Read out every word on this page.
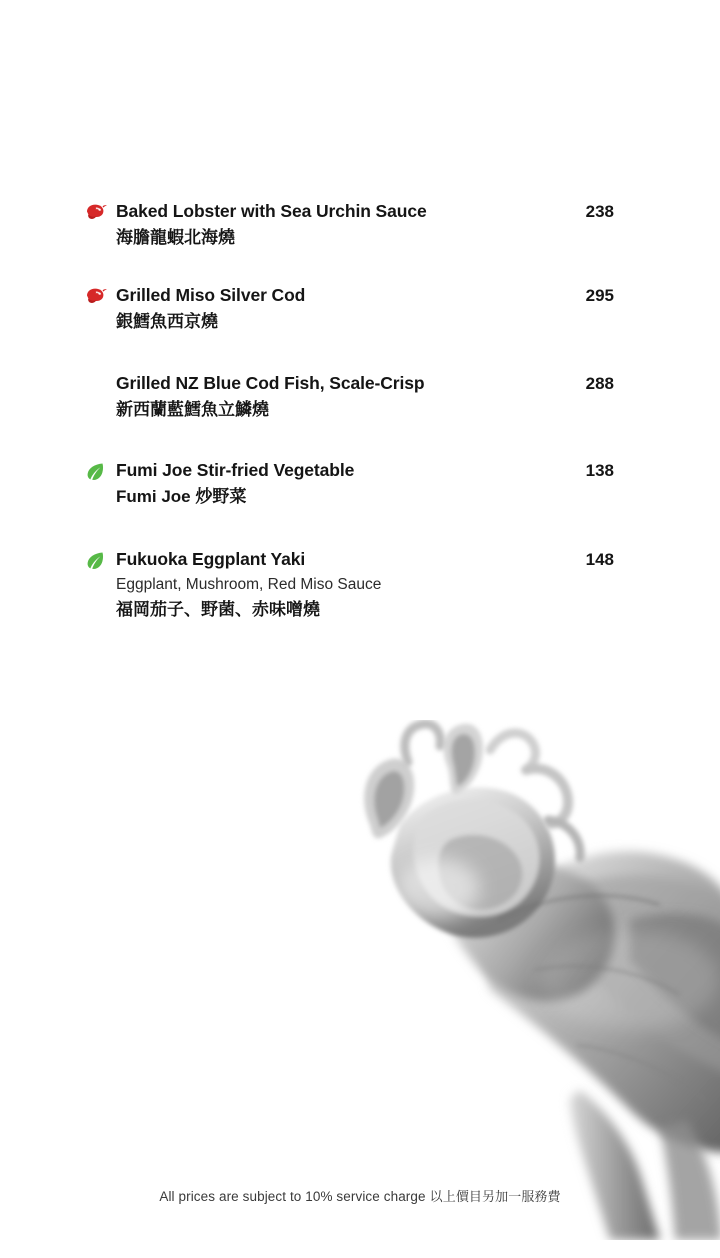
Baked Lobster with Sea Urchin Sauce	238
海膽龍蝦北海燒
Grilled Miso Silver Cod	295
銀鱈魚西京燒
Grilled NZ Blue Cod Fish, Scale-Crisp	288
新西蘭藍鱈魚立鱗燒
Fumi Joe Stir-fried Vegetable	138
Fumi Joe 炒野菜
Fukuoka Eggplant Yaki	148
Eggplant, Mushroom, Red Miso Sauce
福岡茄子、野菌、赤味噌燒
All prices are subject to 10% service charge 以上價目另加一服務費
